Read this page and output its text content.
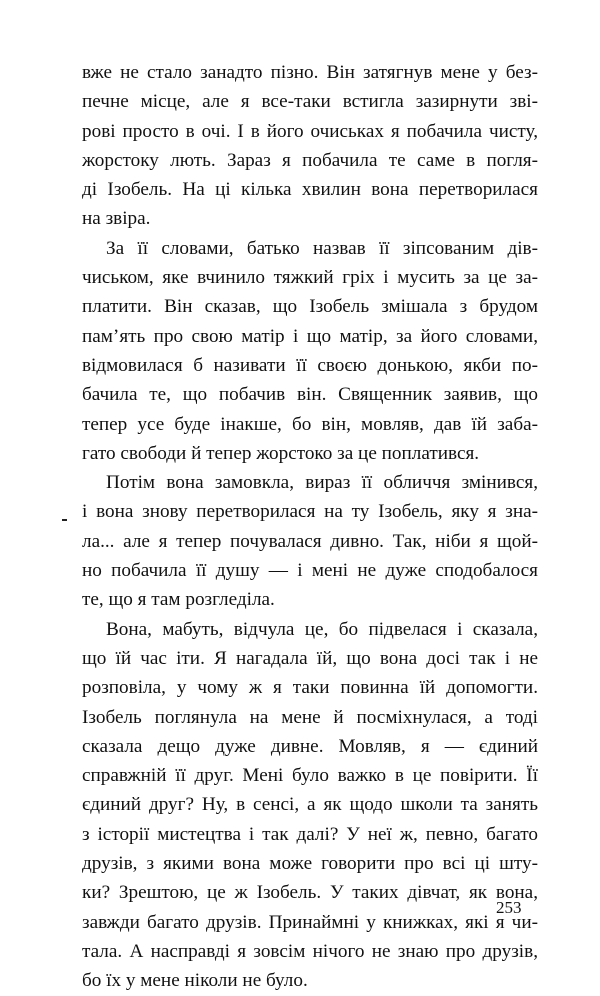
вже не стало занадто пізно. Він затягнув мене у без-
печне місце, але я все-таки встигла зазирнути зві-
рові просто в очі. І в його очиськах я побачила чисту,
жорстоку лють. Зараз я побачила те саме в погля-
ді Ізобель. На ці кілька хвилин вона перетворилася
на звіра.
За її словами, батько назвав її зіпсованим дів-
чиськом, яке вчинило тяжкий гріх і мусить за це за-
платити. Він сказав, що Ізобель змішала з брудом
пам’ять про свою матір і що матір, за його словами,
відмовилася б називати її своєю донькою, якби по-
бачила те, що побачив він. Священник заявив, що
тепер усе буде інакше, бо він, мовляв, дав їй заба-
гато свободи й тепер жорстоко за це поплатився.
Потім вона замовкла, вираз її обличчя змінився,
і вона знову перетворилася на ту Ізобель, яку я зна-
ла... але я тепер почувалася дивно. Так, ніби я щой-
но побачила її душу — і мені не дуже сподобалося
те, що я там розгледіла.
Вона, мабуть, відчула це, бо підвелася і сказала,
що їй час іти. Я нагадала їй, що вона досі так і не
розповіла, у чому ж я таки повинна їй допомогти.
Ізобель поглянула на мене й посміхнулася, а тоді
сказала дещо дуже дивне. Мовляв, я — єдиний
справжній її друг. Мені було важко в це повірити. Її
єдиний друг? Ну, в сенсі, а як щодо школи та занять
з історії мистецтва і так далі? У неї ж, певно, багато
друзів, з якими вона може говорити про всі ці шту-
ки? Зрештою, це ж Ізобель. У таких дівчат, як вона,
завжди багато друзів. Принаймні у книжках, які я чи-
тала. А насправді я зовсім нічого не знаю про друзів,
бо їх у мене ніколи не було.
253
